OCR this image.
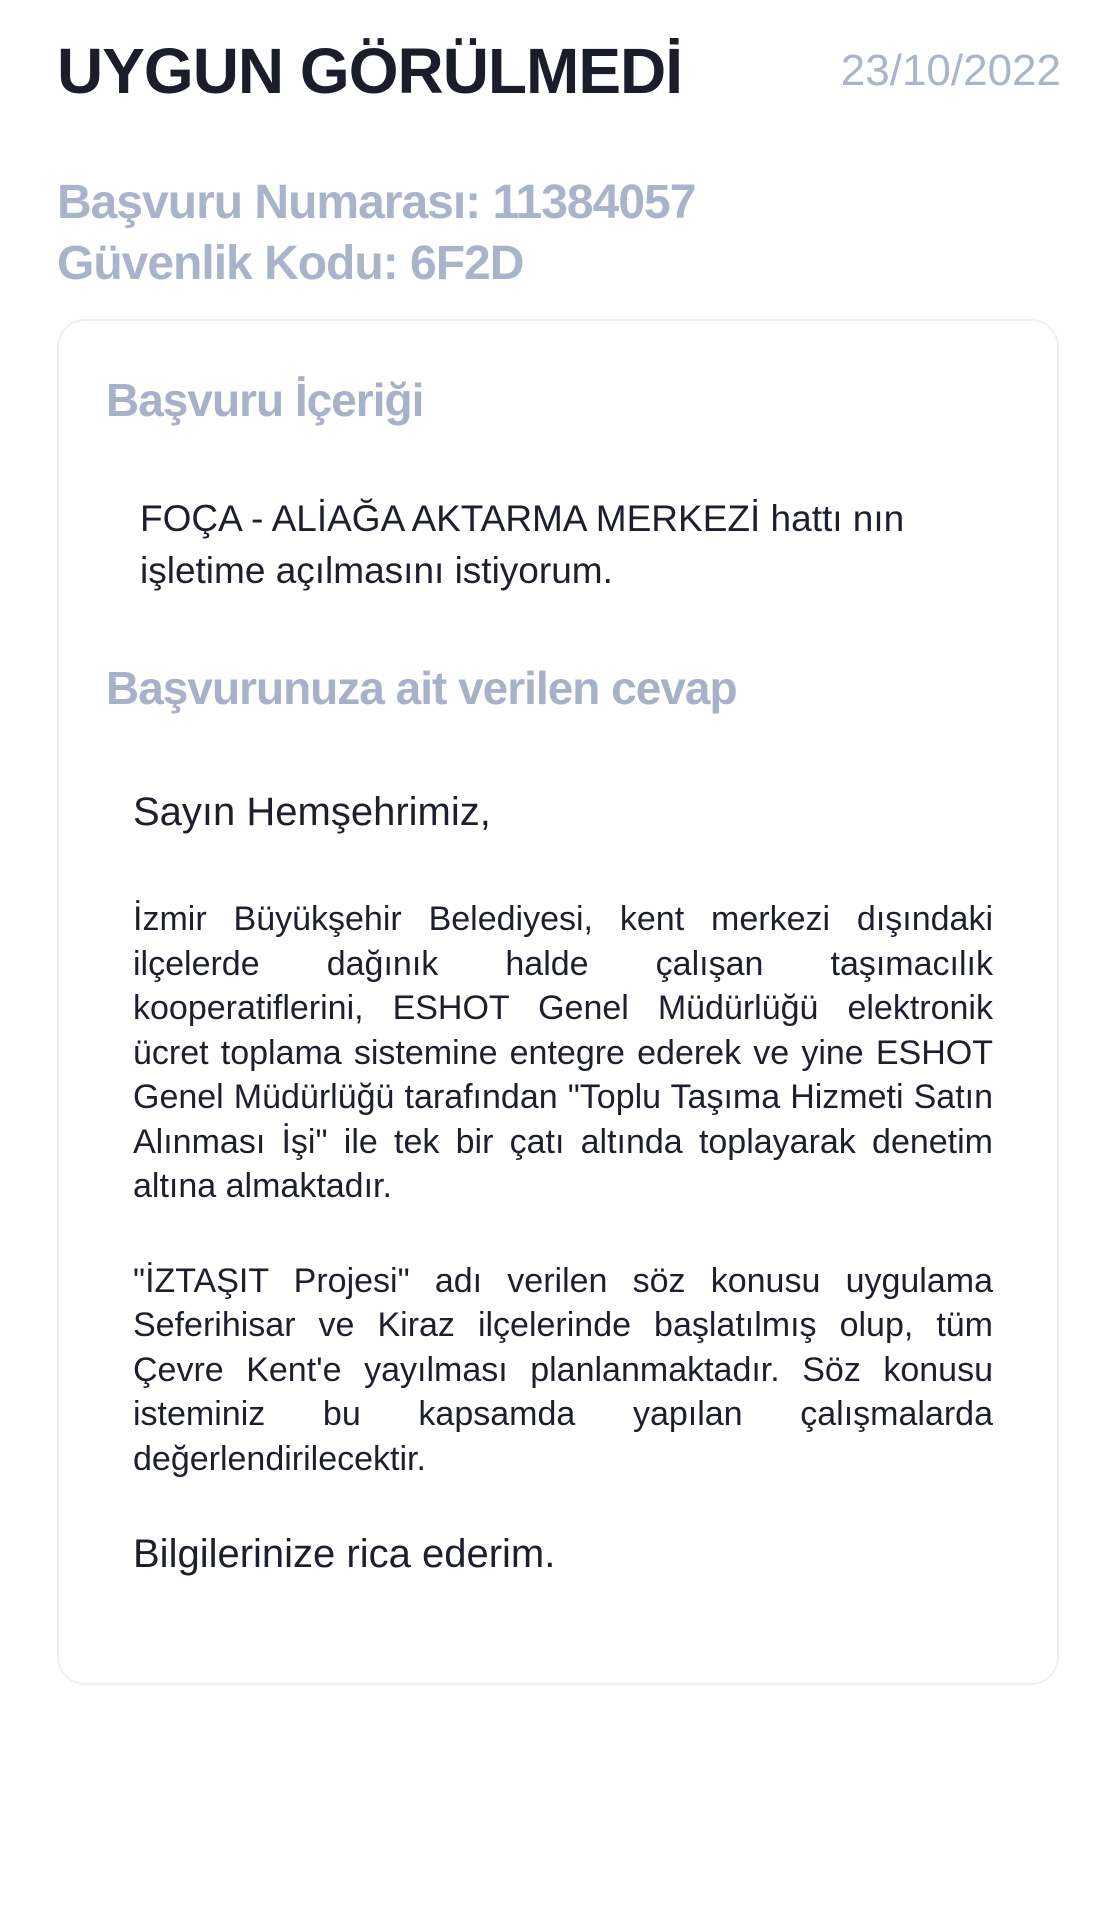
UYGUN GÖRÜLMEDİ	23/10/2022
Başvuru Numarası: 11384057
Güvenlik Kodu: 6F2D
Başvuru İçeriği
FOÇA - ALİAĞA AKTARMA MERKEZİ hattı nın işletime açılmasını istiyorum.
Başvurunuza ait verilen cevap

Sayın Hemşehrimiz,

İzmir Büyükşehir Belediyesi, kent merkezi dışındaki ilçelerde dağınık halde çalışan taşımacılık kooperatiflerini, ESHOT Genel Müdürlüğü elektronik ücret toplama sistemine entegre ederek ve yine ESHOT Genel Müdürlüğü tarafından "Toplu Taşıma Hizmeti Satın Alınması İşi" ile tek bir çatı altında toplayarak denetim altına almaktadır.

"İZTAŞIT Projesi" adı verilen söz konusu uygulama Seferihisar ve Kiraz ilçelerinde başlatılmış olup, tüm Çevre Kent'e yayılması planlanmaktadır. Söz konusu isteminiz bu kapsamda yapılan çalışmalarda değerlendirilecektir.

Bilgilerinize rica ederim.
